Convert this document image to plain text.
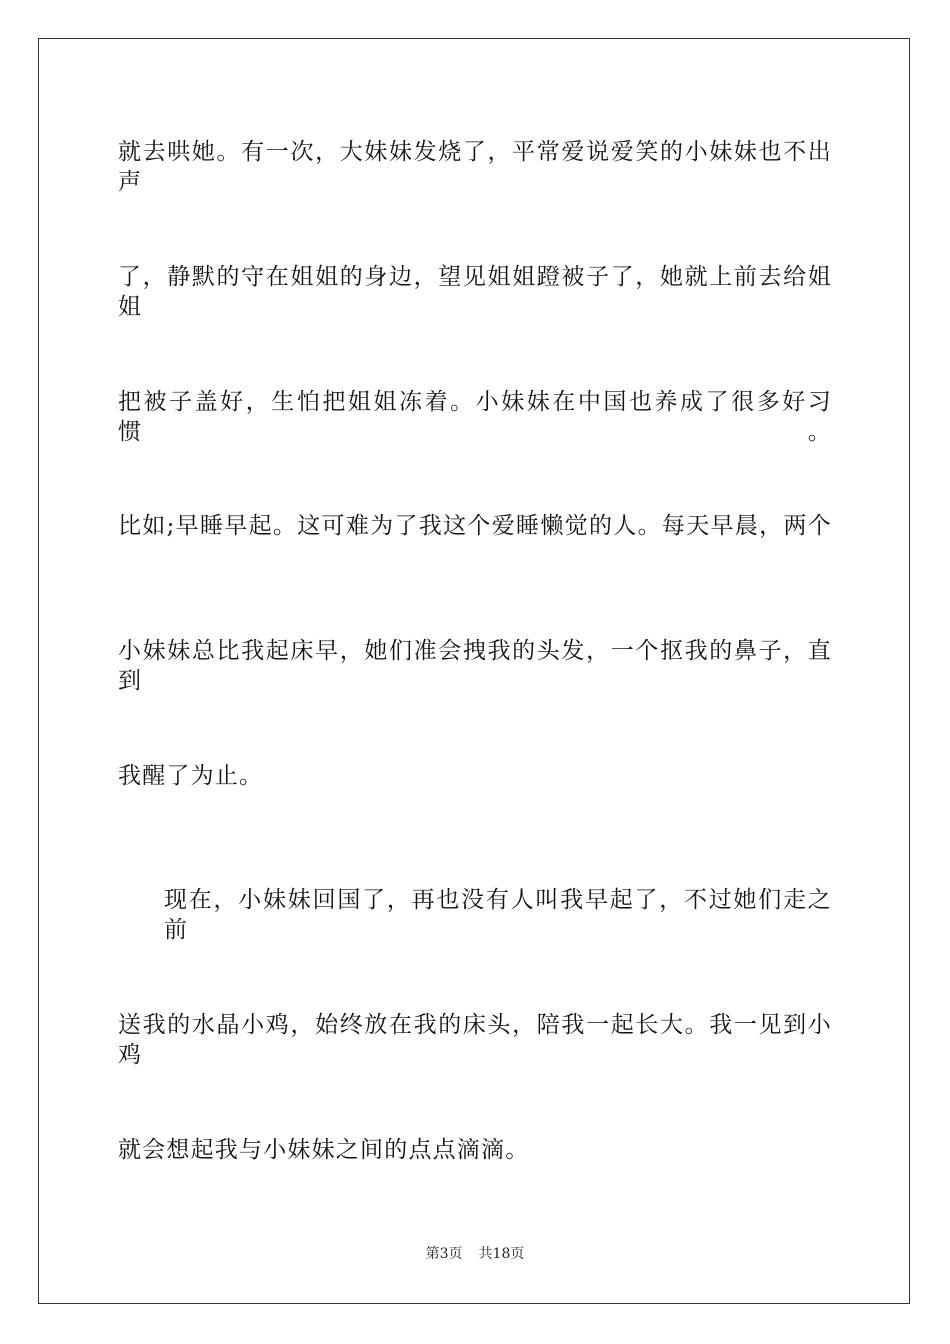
就去哄她。有一次，大妹妹发烧了，平常爱说爱笑的小妹妹也不出声
了，静默的守在姐姐的身边，望见姐姐蹬被子了，她就上前去给姐姐
把被子盖好，生怕把姐姐冻着。小妹妹在中国也养成了很多好习惯。
比如;早睡早起。这可难为了我这个爱睡懒觉的人。每天早晨，两个
小妹妹总比我起床早，她们准会拽我的头发，一个抠我的鼻子，直到
我醒了为止。
现在，小妹妹回国了，再也没有人叫我早起了，不过她们走之前
送我的水晶小鸡，始终放在我的床头，陪我一起长大。我一见到小鸡
就会想起我与小妹妹之间的点点滴滴。
第3页 共18页
